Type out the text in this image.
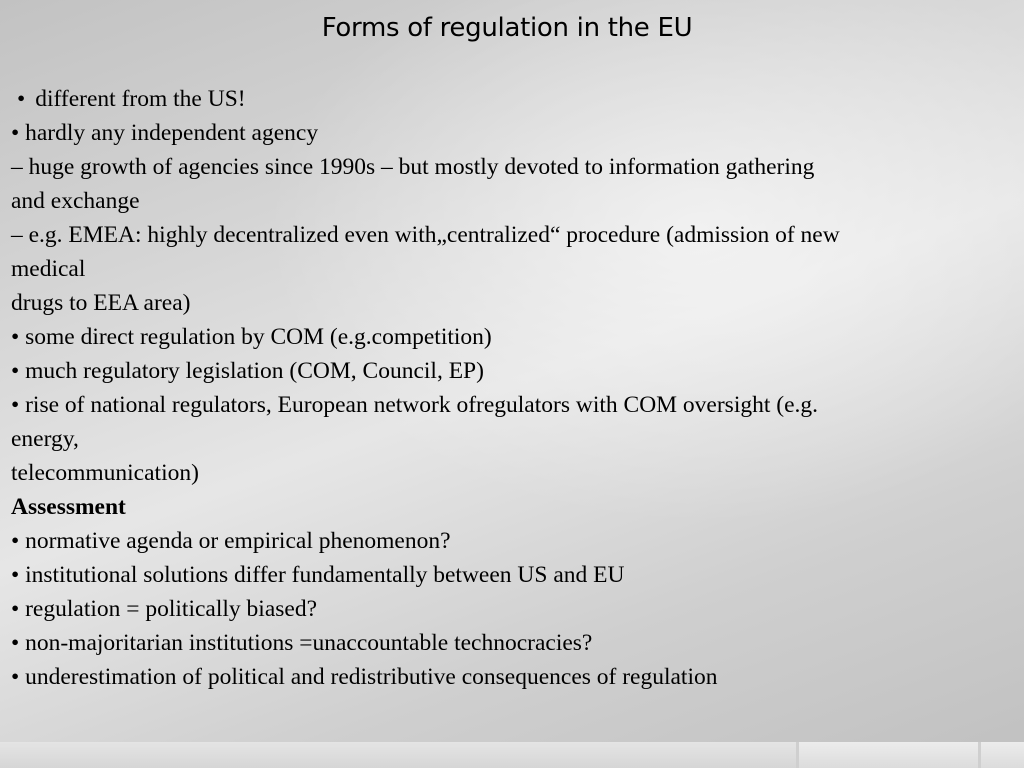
Forms of regulation in the EU
• different from the US!
• hardly any independent agency
– huge growth of agencies since 1990s – but mostly devoted to information gathering
and exchange
– e.g. EMEA: highly decentralized even with„centralized“ procedure (admission of new
medical
drugs to EEA area)
• some direct regulation by COM (e.g.competition)
• much regulatory legislation (COM, Council, EP)
• rise of national regulators, European network ofregulators with COM oversight (e.g.
energy,
telecommunication)
Assessment
• normative agenda or empirical phenomenon?
• institutional solutions differ fundamentally between US and EU
• regulation = politically biased?
• non-majoritarian institutions =unaccountable technocracies?
• underestimation of political and redistributive consequences of regulation
